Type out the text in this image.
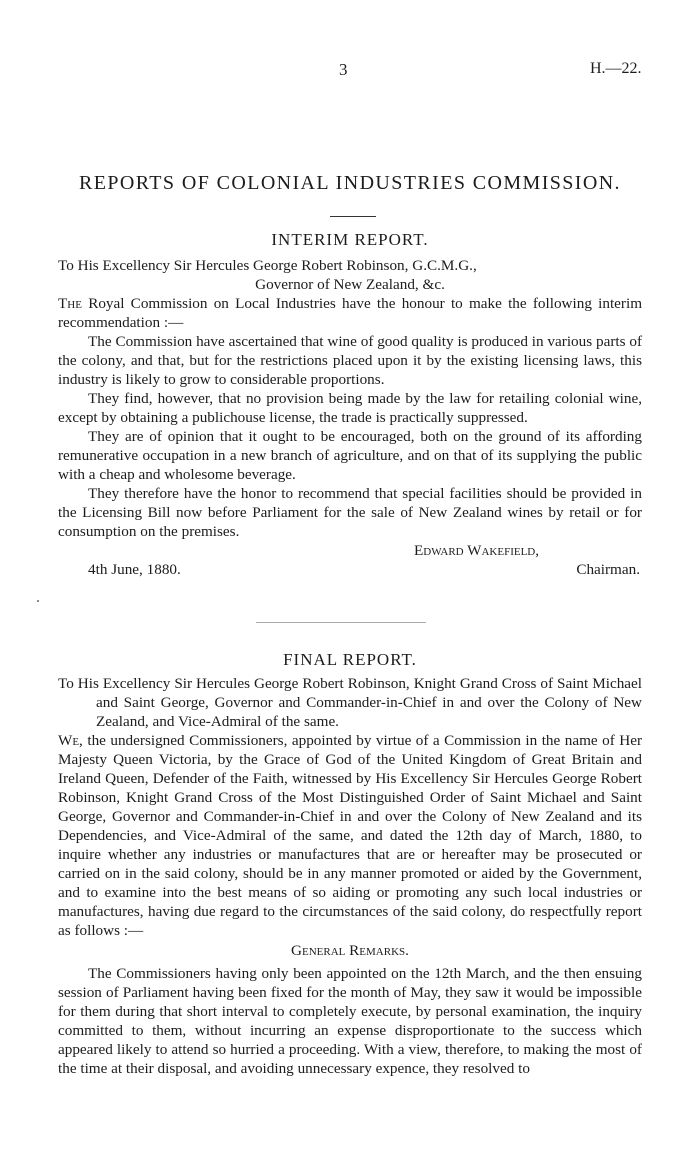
3	H.—22.
REPORTS OF COLONIAL INDUSTRIES COMMISSION.
INTERIM REPORT.

To His Excellency Sir Hercules George Robert Robinson, G.C.M.G.,

Governor of New Zealand, &c.

The Royal Commission on Local Industries have the honour to make the following interim recommendation :—

The Commission have ascertained that wine of good quality is produced in various parts of the colony, and that, but for the restrictions placed upon it by the existing licensing laws, this industry is likely to grow to considerable proportions.

They find, however, that no provision being made by the law for retailing colonial wine, except by obtaining a publichouse license, the trade is practically suppressed.

They are of opinion that it ought to be encouraged, both on the ground of its affording remunerative occupation in a new branch of agriculture, and on that of its supplying the public with a cheap and wholesome beverage.

They therefore have the honor to recommend that special facilities should be provided in the Licensing Bill now before Parliament for the sale of New Zealand wines by retail or for consumption on the premises.

Edward Wakefield,
4th June, 1880.	Chairman.
FINAL REPORT.

To His Excellency Sir Hercules George Robert Robinson, Knight Grand Cross of Saint Michael and Saint George, Governor and Commander-in-Chief in and over the Colony of New Zealand, and Vice-Admiral of the same.

We, the undersigned Commissioners, appointed by virtue of a Commission in the name of Her Majesty Queen Victoria, by the Grace of God of the United Kingdom of Great Britain and Ireland Queen, Defender of the Faith, witnessed by His Excellency Sir Hercules George Robert Robinson, Knight Grand Cross of the Most Distinguished Order of Saint Michael and Saint George, Governor and Commander-in-Chief in and over the Colony of New Zealand and its Dependencies, and Vice-Admiral of the same, and dated the 12th day of March, 1880, to inquire whether any industries or manufactures that are or hereafter may be prosecuted or carried on in the said colony, should be in any manner promoted or aided by the Government, and to examine into the best means of so aiding or promoting any such local industries or manufactures, having due regard to the circumstances of the said colony, do respectfully report as follows :—

General Remarks.

The Commissioners having only been appointed on the 12th March, and the then ensuing session of Parliament having been fixed for the month of May, they saw it would be impossible for them during that short interval to completely execute, by personal examination, the inquiry committed to them, without incurring an expense disproportionate to the success which appeared likely to attend so hurried a proceeding. With a view, therefore, to making the most of the time at their disposal, and avoiding unnecessary expence, they resolved to
